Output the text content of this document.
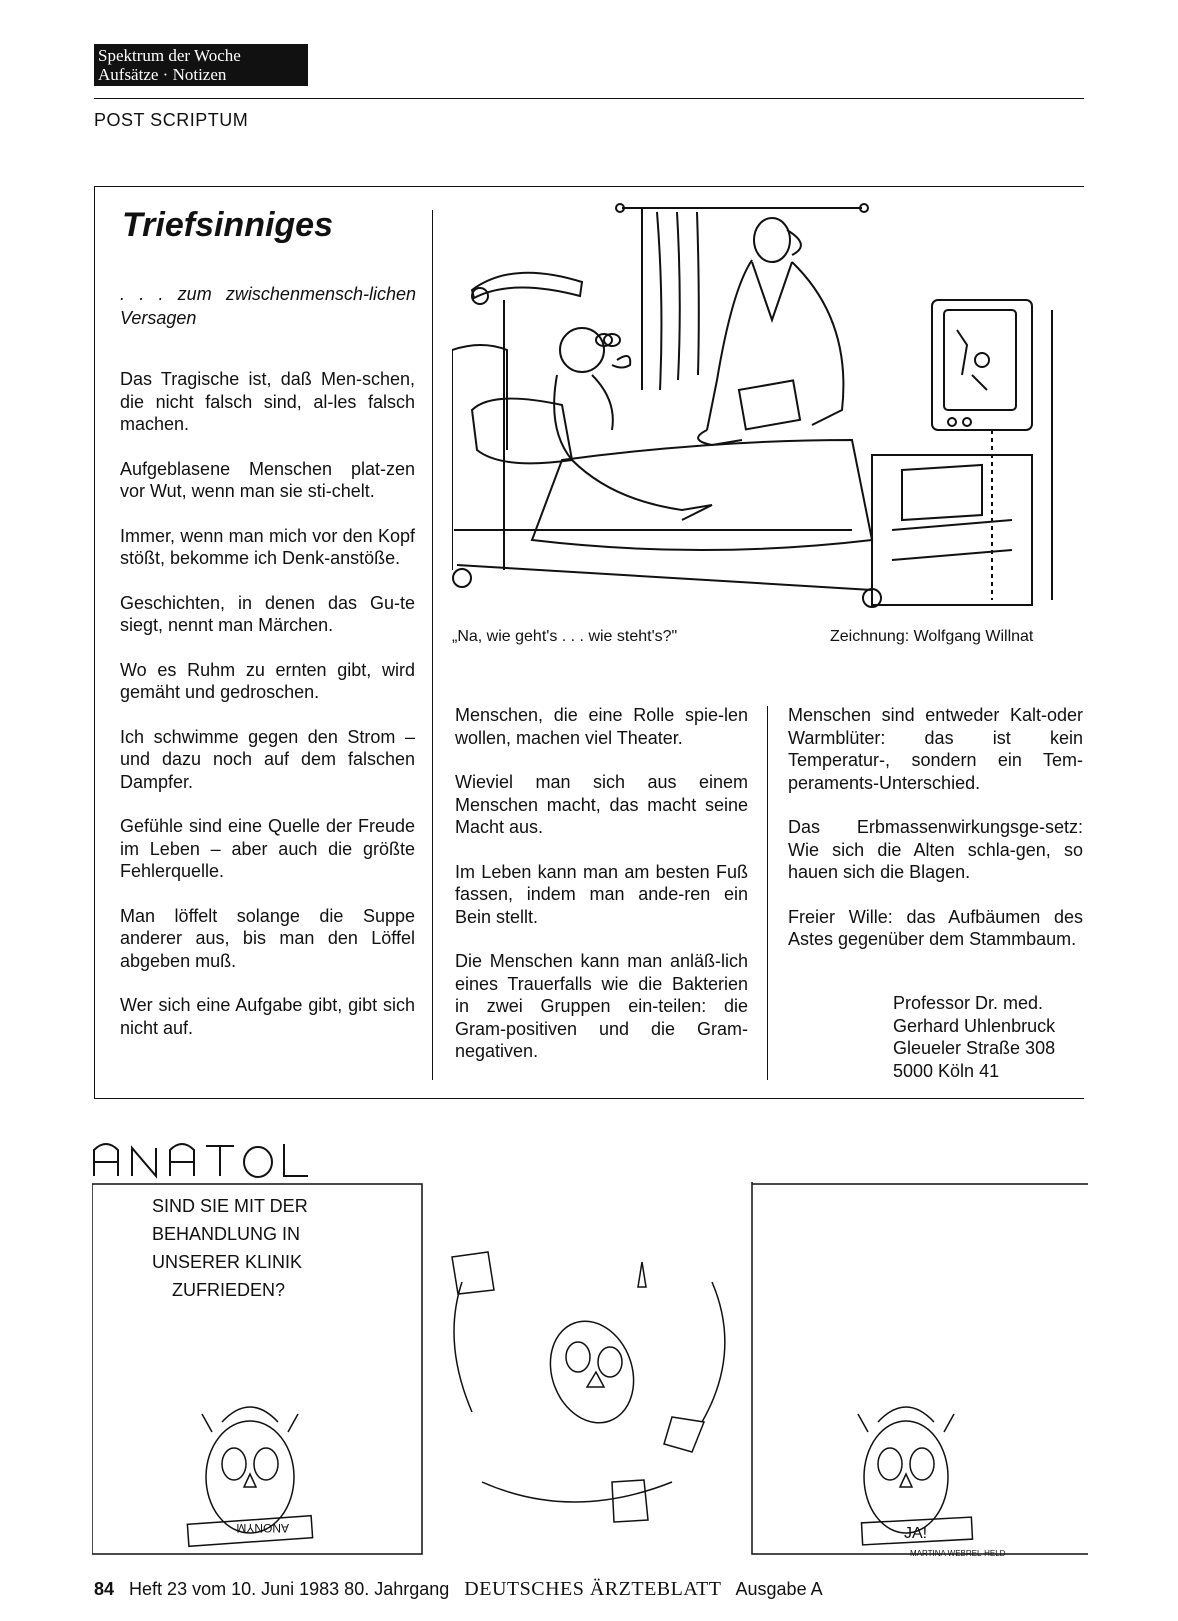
Spektrum der Woche
Aufsätze · Notizen
POST SCRIPTUM
Triefsinniges
. . . zum zwischenmensch-lichen Versagen

Das Tragische ist, daß Men-schen, die nicht falsch sind, al-les falsch machen.

Aufgeblasene Menschen plat-zen vor Wut, wenn man sie sti-chelt.

Immer, wenn man mich vor den Kopf stößt, bekomme ich Denk-anstöße.

Geschichten, in denen das Gu-te siegt, nennt man Märchen.

Wo es Ruhm zu ernten gibt, wird gemäht und gedroschen.

Ich schwimme gegen den Strom – und dazu noch auf dem falschen Dampfer.

Gefühle sind eine Quelle der Freude im Leben – aber auch die größte Fehlerquelle.

Man löffelt solange die Suppe anderer aus, bis man den Löffel abgeben muß.

Wer sich eine Aufgabe gibt, gibt sich nicht auf.

Menschen, die eine Rolle spie-len wollen, machen viel Theater.

Wieviel man sich aus einem Menschen macht, das macht seine Macht aus.

Im Leben kann man am besten Fuß fassen, indem man ande-ren ein Bein stellt.

Die Menschen kann man anläß-lich eines Trauerfalls wie die Bakterien in zwei Gruppen ein-teilen: die Gram-positiven und die Gram-negativen.

Menschen sind entweder Kalt-oder Warmblüter: das ist kein Temperatur-, sondern ein Tem-peraments-Unterschied.

Das Erbmassenwirkungsge-setz: Wie sich die Alten schla-gen, so hauen sich die Blagen.

Freier Wille: das Aufbäumen des Astes gegenüber dem Stammbaum.

Professor Dr. med.
Gerhard Uhlenbruck
Gleueler Straße 308
5000 Köln 41
„Na, wie geht's . . . wie steht's?"	Zeichnung: Wolfgang Willnat
ANONYM	JA!
MARTINA WEBREL-HELD
SIND SIE MIT DER
BEHANDLUNG IN
UNSERER KLINIK
ZUFRIEDEN?
84 Heft 23 vom 10. Juni 1983 80. Jahrgang DEUTSCHES ÄRZTEBLATT Ausgabe A
